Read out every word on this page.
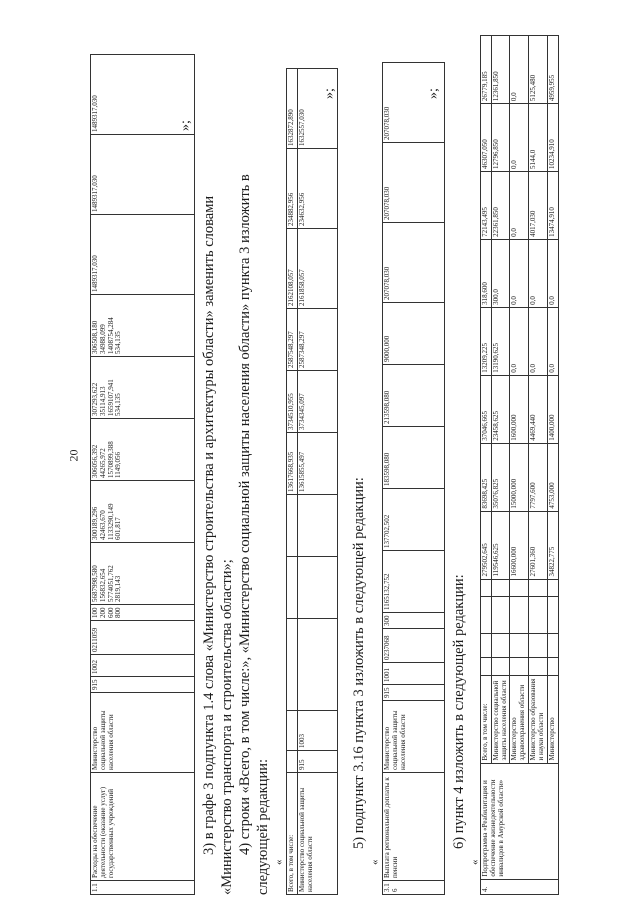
20
1.1	Расходы на обеспечение деятельности (оказание услуг) государственных учреждений	Министерство социальной защиты населения области	915	1002	0211059	100 200 600 800	5687998,580 156832,654 5774051,762 2819,143	300189,296 42463,670 1133290,149 601,817	306056,392 44265,972 1570899,388 1149,056	307293,622 35114,913 1659107,941 534,135	306508,180 34988,099 1408754,284 534,135	1489317,030	1489317,030	1489317,030	»;
3) в графе 3 подпункта 1.4 слова «Министерство строительства и архитектуры области» заменить словами «Министерство транспорта и строительства области»; 4) строки «Всего, в том числе:», «Министерство социальной защиты населения области» пункта 3 изложить в следующей редакции: « Всего, в том числе:						13617668,935	3734510,955	2587548,297	2162108,057	234882,956	1632872,890
Министерство социальной защиты населения области	915	1003				13615855,497	3734345,097	2587348,297	2161858,057	234632,956	1632557,030
»;
5) подпункт 3.16 пункта 3 изложить в следующей редакции:
«
3.16	Выплата региональной доплаты к пенсии	Министерство социальной защиты населения области	915	1001	0237068	300	1165132,752	137702,502	183598,080	213598,080	9000,000	207078,030	207078,030	207078,030
»;
6) пункт 4 изложить в следующей редакции:
«
4.	Подпрограмма «Реабилитация и обеспечение жизнедеятельности инвалидов в Амурской области»	Всего, в том числе:					279502,645	83698,425	37046,665	13209,225	318,600	72143,495	46307,050	26779,185
		Министерство социальной защиты населения области					119546,625	35076,825	23458,625	13190,625	300,0	22361,850	12796,850	12361,850
		Министерство здравоохранения области					16600,000	15000,000	1600,000	0,0	0,0	0,0	0,0	0,0
		Министерство образования и науки области					27601,360	7797,600	4469,440	0,0	0,0	4017,030	5144,0	5125,480
		Министерство					34822,775	4753,000	1400,000	0,0	0,0	13474,910	10234,910	4959,955
